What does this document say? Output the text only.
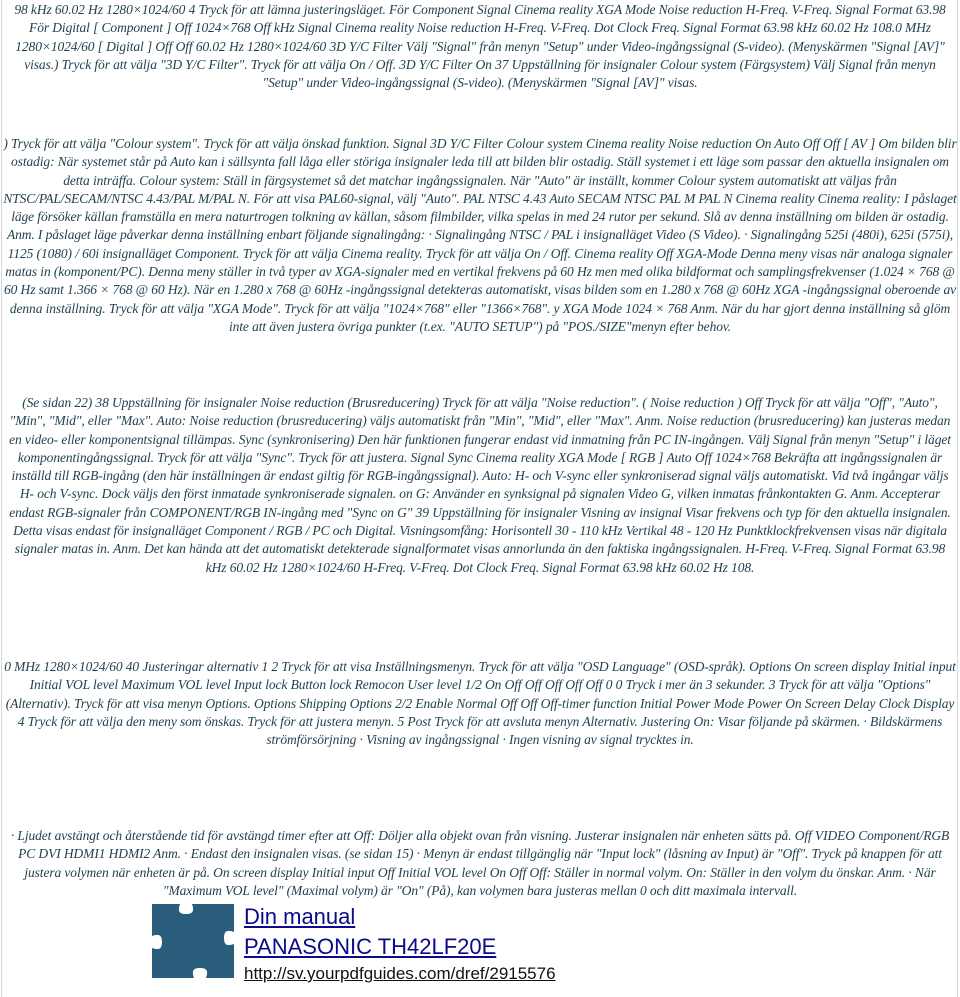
98 kHz 60.02 Hz 1280×1024/60 4 Tryck för att lämna justeringsläget. För Component Signal Cinema reality XGA Mode Noise reduction H-Freq. V-Freq. Signal Format 63.98 För Digital [ Component ] Off 1024×768 Off kHz Signal Cinema reality Noise reduction H-Freq. V-Freq. Dot Clock Freq. Signal Format 63.98 kHz 60.02 Hz 108.0 MHz 1280×1024/60 [ Digital ] Off Off 60.02 Hz 1280×1024/60 3D Y/C Filter Välj "Signal" från menyn "Setup" under Video-ingångssignal (S-video). (Menyskärmen "Signal [AV]" visas.) Tryck för att välja "3D Y/C Filter". Tryck för att välja On / Off. 3D Y/C Filter On 37 Uppställning för insignaler Colour system (Färgsystem) Välj Signal från menyn "Setup" under Video-ingångssignal (S-video). (Menyskärmen "Signal [AV]" visas.

) Tryck för att välja "Colour system". Tryck för att välja önskad funktion. Signal 3D Y/C Filter Colour system Cinema reality Noise reduction On Auto Off Off [ AV ] Om bilden blir ostadig: När systemet står på Auto kan i sällsynta fall låga eller störiga insignaler leda till att bilden blir ostadig. Ställ systemet i ett läge som passar den aktuella insignalen om detta inträffa. Colour system: Ställ in färgsystemet så det matchar ingångssignalen. När "Auto" är inställt, kommer Colour system automatiskt att väljas från NTSC/PAL/SECAM/NTSC 4.43/PAL M/PAL N. För att visa PAL60-signal, välj "Auto". PAL NTSC 4.43 Auto SECAM NTSC PAL M PAL N Cinema reality Cinema reality: I påslaget läge försöker källan framställa en mera naturtrogen tolkning av källan, såsom filmbilder, vilka spelas in med 24 rutor per sekund. Slå av denna inställning om bilden är ostadig. Anm. I påslaget läge påverkar denna inställning enbart följande signalingång: · Signalingång NTSC / PAL i insignalläget Video (S Video). · Signalingång 525i (480i), 625i (575i), 1125 (1080) / 60i insignalläget Component. Tryck för att välja Cinema reality. Tryck för att välja On / Off. Cinema reality Off XGA-Mode Denna meny visas när analoga signaler matas in (komponent/PC). Denna meny ställer in två typer av XGA-signaler med en vertikal frekvens på 60 Hz men med olika bildformat och samplingsfrekvenser (1.024 × 768 @ 60 Hz samt 1.366 × 768 @ 60 Hz). När en 1.280 x 768 @ 60Hz -ingångssignal detekteras automatiskt, visas bilden som en 1.280 x 768 @ 60Hz XGA -ingångssignal oberoende av denna inställning. Tryck för att välja "XGA Mode". Tryck för att välja "1024×768" eller "1366×768". y XGA Mode 1024 × 768 Anm. När du har gjort denna inställning så glöm inte att även justera övriga punkter (t.ex. "AUTO SETUP") på "POS./SIZE"menyn efter behov.

(Se sidan 22) 38 Uppställning för insignaler Noise reduction (Brusreducering) Tryck för att välja "Noise reduction". ( Noise reduction ) Off Tryck för att välja "Off", "Auto", "Min", "Mid", eller "Max". Auto: Noise reduction (brusreducering) väljs automatiskt från "Min", "Mid", eller "Max". Anm. Noise reduction (brusreducering) kan justeras medan en video- eller komponentsignal tillämpas. Sync (synkronisering) Den här funktionen fungerar endast vid inmatning från PC IN-ingången. Välj Signal från menyn "Setup" i läget komponentingångssignal. Tryck för att välja "Sync". Tryck för att justera. Signal Sync Cinema reality XGA Mode [ RGB ] Auto Off 1024×768 Bekräfta att ingångssignalen är inställd till RGB-ingång (den här inställningen är endast giltig för RGB-ingångssignal). Auto: H- och V-sync eller synkroniserad signal väljs automatiskt. Vid två ingångar väljs H- och V-sync. Dock väljs den först inmatade synkroniserade signalen. on G: Använder en synksignal på signalen Video G, vilken inmatas frånkontakten G. Anm. Accepterar endast RGB-signaler från COMPONENT/RGB IN-ingång med "Sync on G" 39 Uppställning för insignaler Visning av insignal Visar frekvens och typ för den aktuella insignalen. Detta visas endast för insignalläget Component / RGB / PC och Digital. Visningsomfång: Horisontell 30 - 110 kHz Vertikal 48 - 120 Hz Punktklockfrekvensen visas när digitala signaler matas in. Anm. Det kan hända att det automatiskt detekterade signalformatet visas annorlunda än den faktiska ingångssignalen. H-Freq. V-Freq. Signal Format 63.98 kHz 60.02 Hz 1280×1024/60 H-Freq. V-Freq. Dot Clock Freq. Signal Format 63.98 kHz 60.02 Hz 108.

0 MHz 1280×1024/60 40 Justeringar alternativ 1 2 Tryck för att visa Inställningsmenyn. Tryck för att välja "OSD Language" (OSD-språk). Options On screen display Initial input Initial VOL level Maximum VOL level Input lock Button lock Remocon User level 1/2 On Off Off Off Off Off 0 0 Tryck i mer än 3 sekunder. 3 Tryck för att välja "Options" (Alternativ). Tryck för att visa menyn Options. Options Shipping Options 2/2 Enable Normal Off Off Off-timer function Initial Power Mode Power On Screen Delay Clock Display 4 Tryck för att välja den meny som önskas. Tryck för att justera menyn. 5 Post Tryck för att avsluta menyn Alternativ. Justering On: Visar följande på skärmen. · Bildskärmens strömförsörjning · Visning av ingångssignal · Ingen visning av signal trycktes in.

· Ljudet avstängt och återstående tid för avstängd timer efter att Off: Döljer alla objekt ovan från visning. Justerar insignalen när enheten sätts på. Off VIDEO Component/RGB PC DVI HDMI1 HDMI2 Anm. · Endast den insignalen visas. (se sidan 15) · Menyn är endast tillgänglig när "Input lock" (låsning av Input) är "Off". Tryck på knappen för att justera volymen när enheten är på. On screen display Initial input Off Initial VOL level On Off Off: Ställer in normal volym. On: Ställer in den volym du önskar. Anm. · När "Maximum VOL level" (Maximal volym) är "On" (På), kan volymen bara justeras mellan 0 och ditt maximala intervall.

Din manual
PANASONIC TH42LF20E
http://sv.yourpdfguides.com/dref/2915576
